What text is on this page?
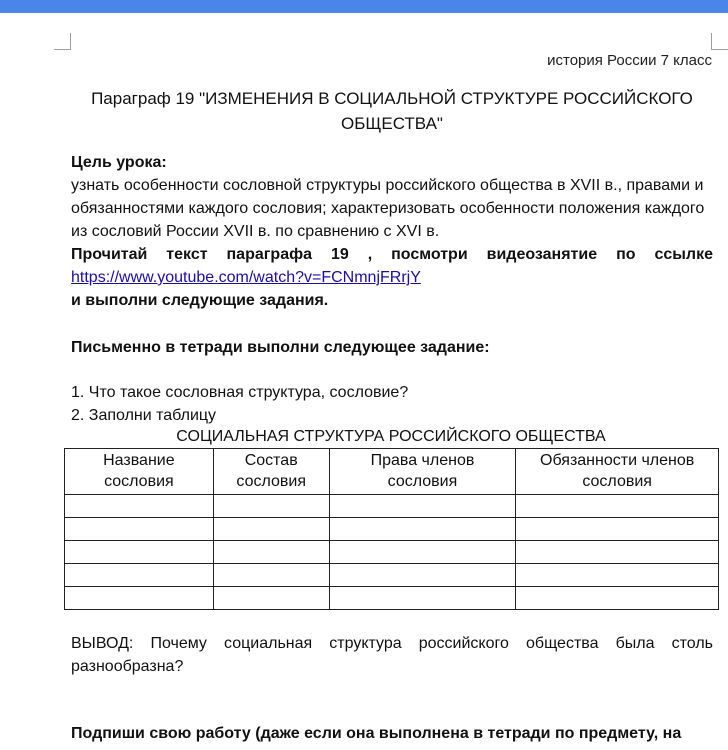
история России 7 класс
Параграф 19 "ИЗМЕНЕНИЯ В СОЦИАЛЬНОЙ СТРУКТУРЕ РОССИЙСКОГО ОБЩЕСТВА"
Цель урока:
узнать особенности сословной структуры российского общества в XVII в., правами и обязанностями каждого сословия; характеризовать особенности положения каждого из сословий России XVII в. по сравнению с XVI в.
Прочитай текст параграфа 19 , посмотри видеозанятие по ссылке
https://www.youtube.com/watch?v=FCNmnjFRrjY
и выполни следующие задания.
Письменно в тетради выполни следующее задание:
1. Что такое сословная структура, сословие?
2. Заполни таблицу
СОЦИАЛЬНАЯ СТРУКТУРА РОССИЙСКОГО ОБЩЕСТВА
Название сословия	Состав сословия	Права членов сословия	Обязанности членов сословия

ВЫВОД: Почему социальная структура российского общества была столь разнообразна?
Подпиши свою работу (даже если она выполнена в тетради по предмету, на
